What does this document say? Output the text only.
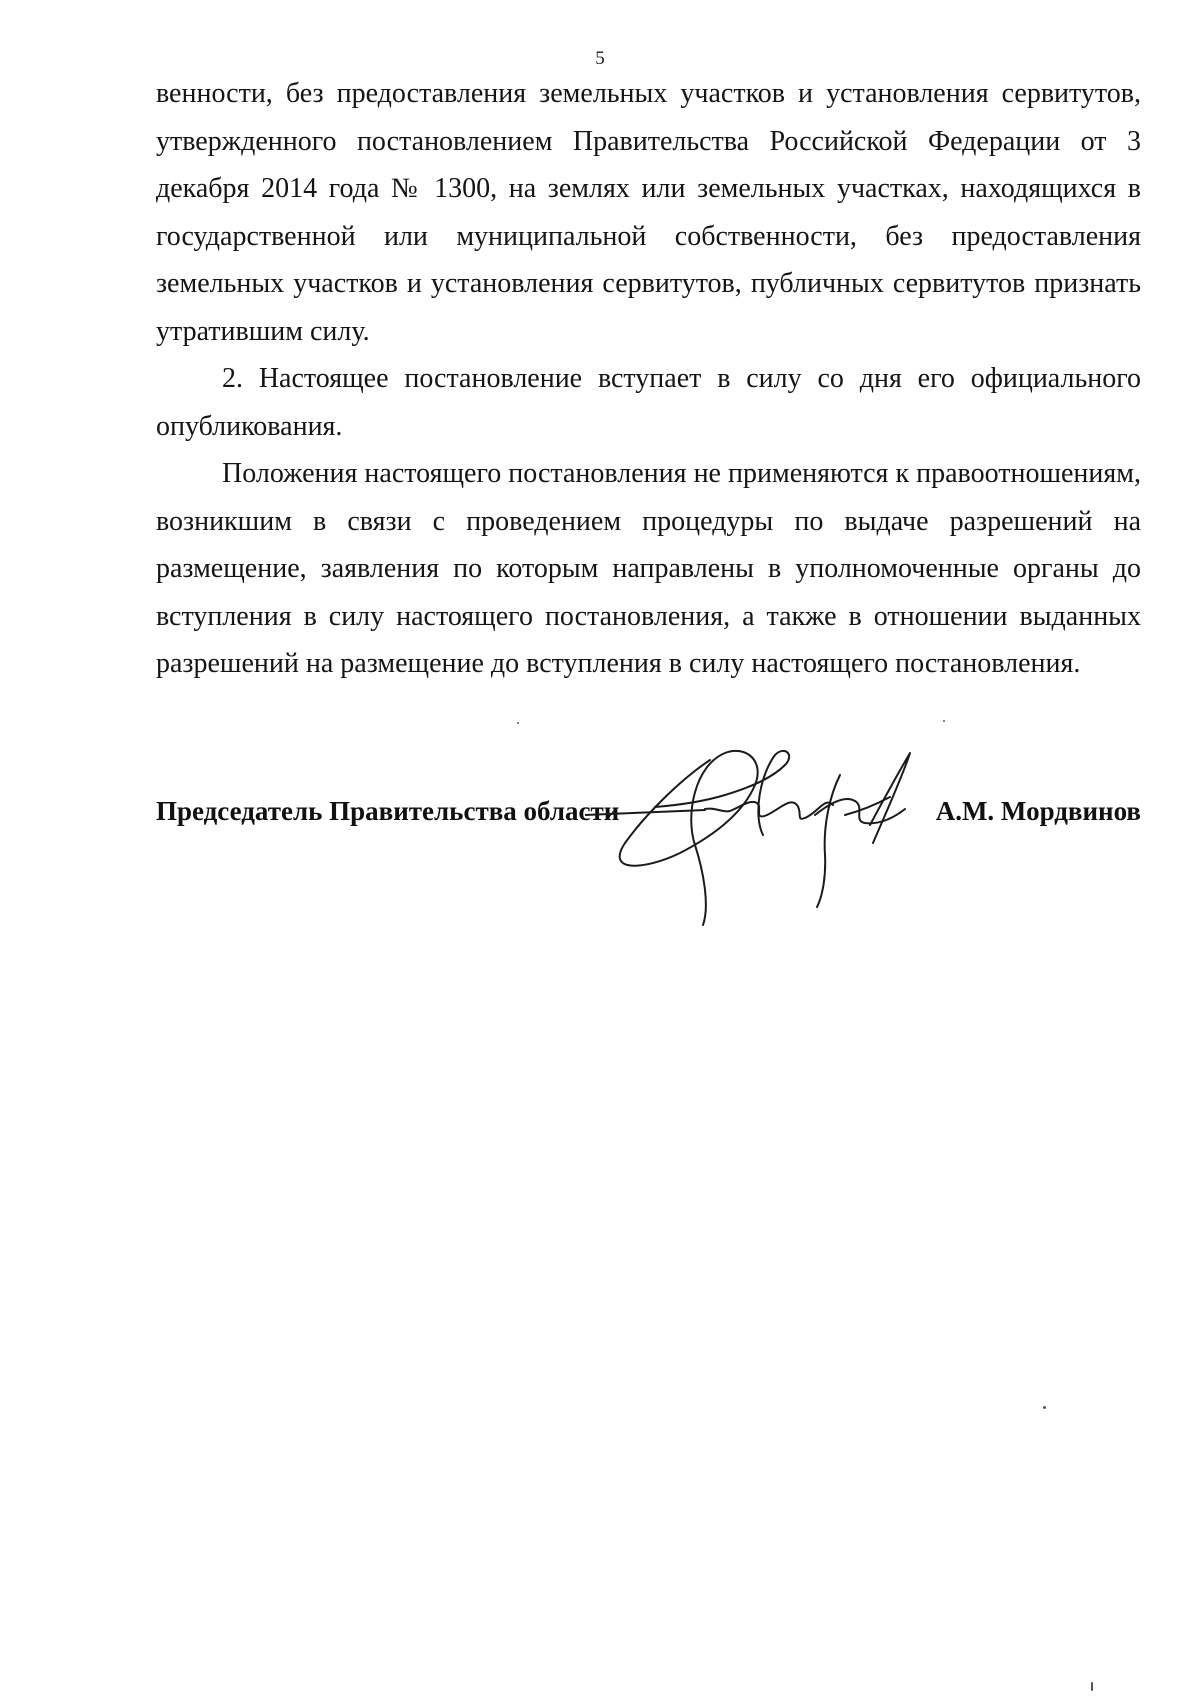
5

венности, без предоставления земельных участков и установления сервитутов, утвержденного постановлением Правительства Российской Федерации от 3 декабря 2014 года № 1300, на землях или земельных участках, находящихся в государственной или муниципальной собственности, без предоставления земельных участков и установления сервитутов, публичных сервитутов признать утратившим силу.

2. Настоящее постановление вступает в силу со дня его официального опубликования.

Положения настоящего постановления не применяются к правоотношениям, возникшим в связи с проведением процедуры по выдаче разрешений на размещение, заявления по которым направлены в уполномоченные органы до вступления в силу настоящего постановления, а также в отношении выданных разрешений на размещение до вступления в силу настоящего постановления.

Председатель Правительства области	А.М. Мордвинов
